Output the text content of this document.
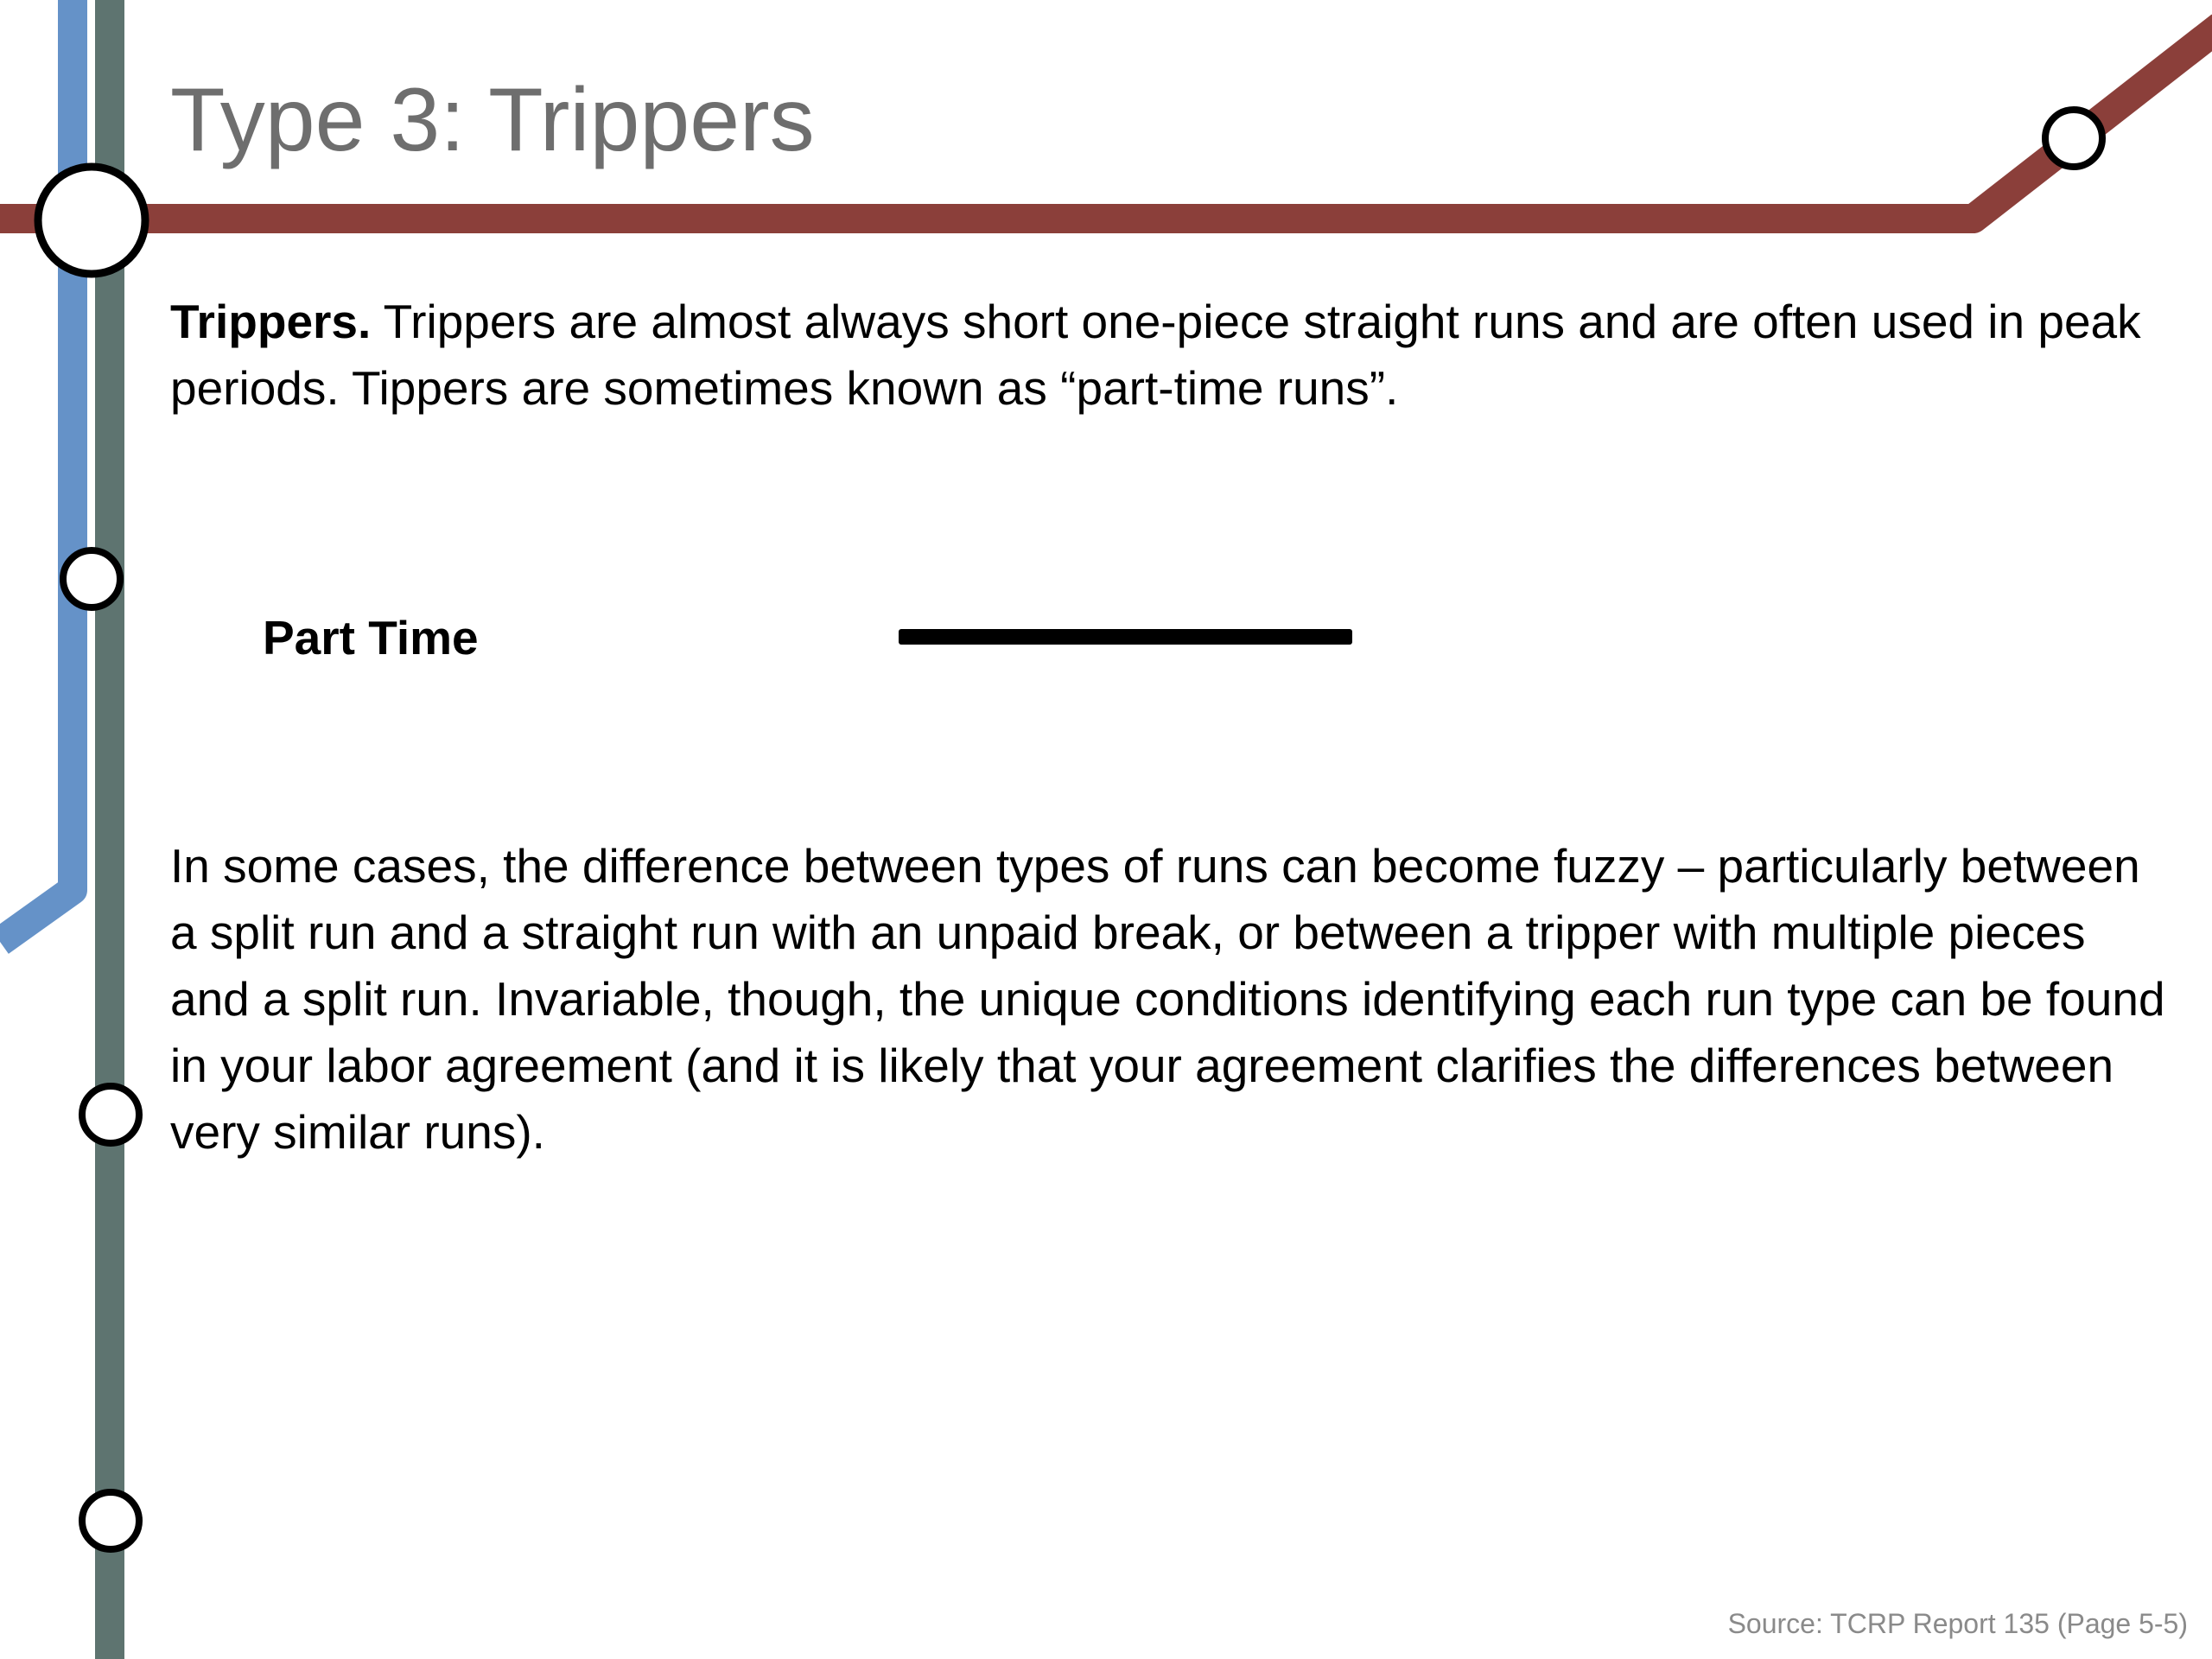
Type 3: Trippers

Trippers. Trippers are almost always short one-piece straight runs and are often used in peak periods. Tippers are sometimes known as “part-time runs”.

Part Time

In some cases, the difference between types of runs can become fuzzy – particularly between a split run and a straight run with an unpaid break, or between a tripper with multiple pieces and a split run. Invariable, though, the unique conditions identifying each run type can be found in your labor agreement (and it is likely that your agreement clarifies the differences between very similar runs).

Source: TCRP Report 135 (Page 5-5)
